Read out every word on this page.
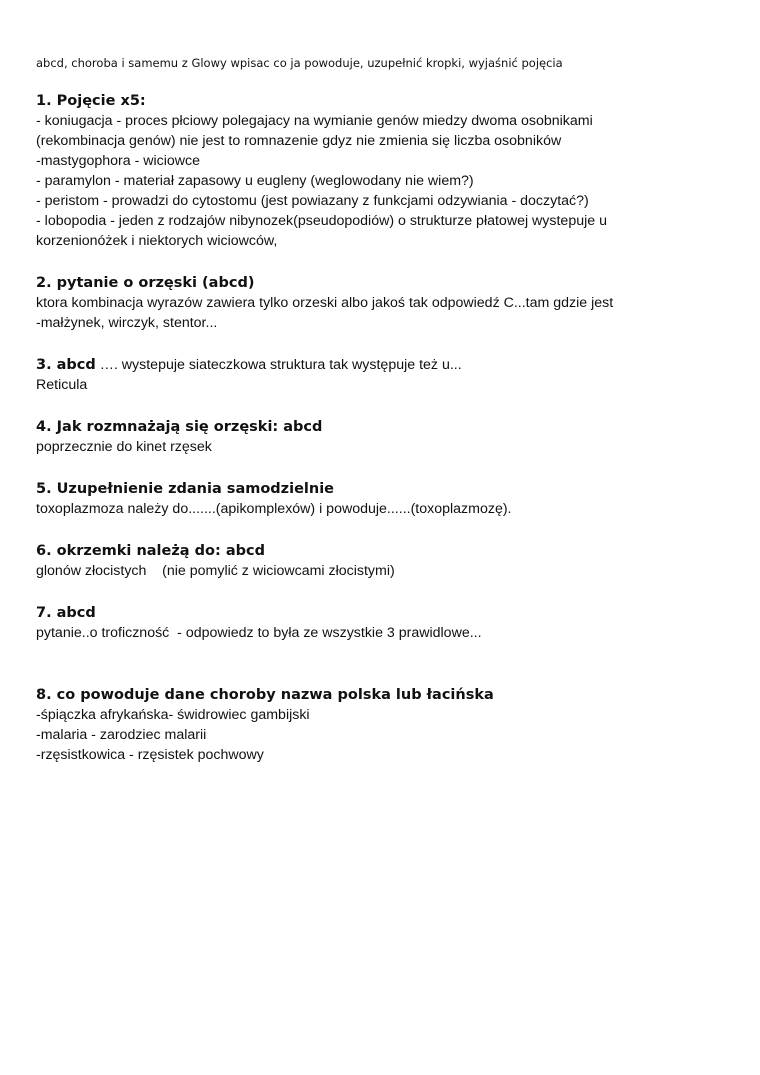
abcd, choroba i samemu z Glowy wpisac co ja powoduje, uzupełnić kropki, wyjaśnić pojęcia
1. Pojęcie x5:
- koniugacja - proces płciowy polegajacy na wymianie genów miedzy dwoma osobnikami
(rekombinacja genów) nie jest to romnazenie gdyz nie zmienia się liczba osobników
-mastygophora - wiciowce
- paramylon - materiał zapasowy u eugleny (weglowodany nie wiem?)
- peristom - prowadzi do cytostomu (jest powiazany z funkcjami odzywiania - doczytać?)
- lobopodia - jeden z rodzajów nibynozek(pseudopodiów) o strukturze płatowej wystepuje u
korzenionóżek i niektorych wiciowców,
2. pytanie o orzęski (abcd)
ktora kombinacja wyrazów zawiera tylko orzeski albo jakoś tak odpowiedź C...tam gdzie jest
-małżynek, wirczyk, stentor...
3. abcd …. wystepuje siateczkowa struktura tak występuje też u...
Reticula
4. Jak rozmnażają się orzęski: abcd
poprzecznie do kinet rzęsek
5. Uzupełnienie zdania samodzielnie
toxoplazmoza należy do.......(apikomplexów) i powoduje......(toxoplazmozę).
6. okrzemki należą do: abcd
glonów złocistych    (nie pomylić z wiciowcami złocistymi)
7. abcd
pytanie..o troficzność  - odpowiedz to była ze wszystkie 3 prawidlowe...
8. co powoduje dane choroby nazwa polska lub łacińska
-śpiączka afrykańska- świdrowiec gambijski
-malaria - zarodziec malarii
-rzęsistkowica - rzęsistek pochwowy
